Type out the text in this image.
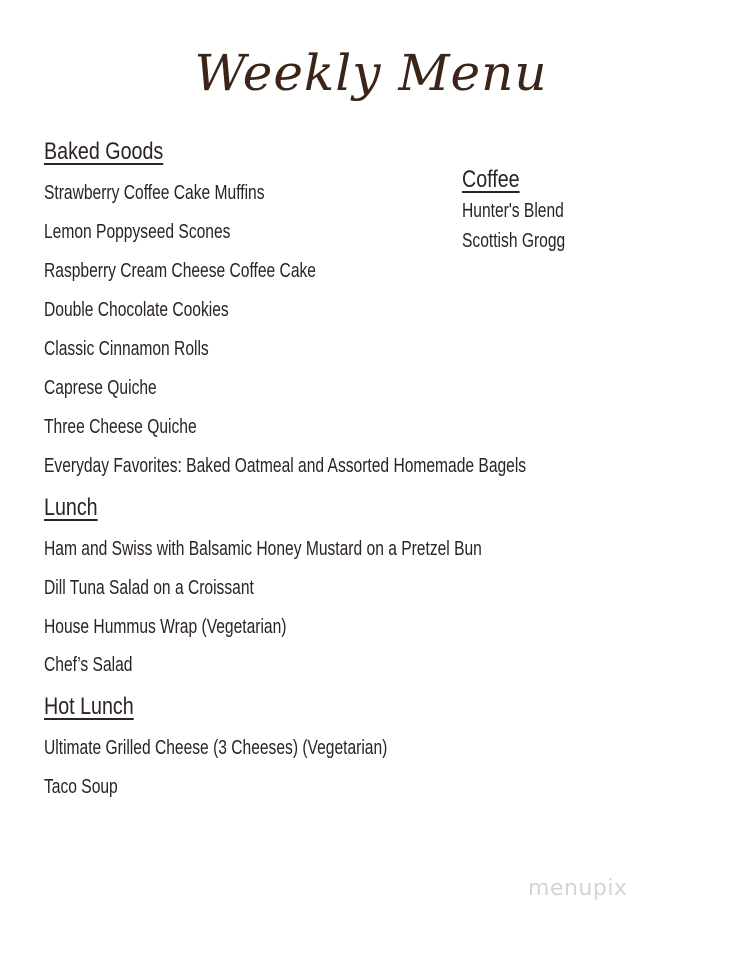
Weekly Menu
Baked Goods
Strawberry Coffee Cake Muffins
Lemon Poppyseed Scones
Raspberry Cream Cheese Coffee Cake
Double Chocolate Cookies
Classic Cinnamon Rolls
Caprese Quiche
Three Cheese Quiche
Everyday Favorites: Baked Oatmeal and Assorted Homemade Bagels
Coffee
Hunter's Blend
Scottish Grogg
Lunch
Ham and Swiss with Balsamic Honey Mustard on a Pretzel Bun
Dill Tuna Salad on a Croissant
House Hummus Wrap (Vegetarian)
Chef’s Salad
Hot Lunch
Ultimate Grilled Cheese (3 Cheeses) (Vegetarian)
Taco Soup
menupix
